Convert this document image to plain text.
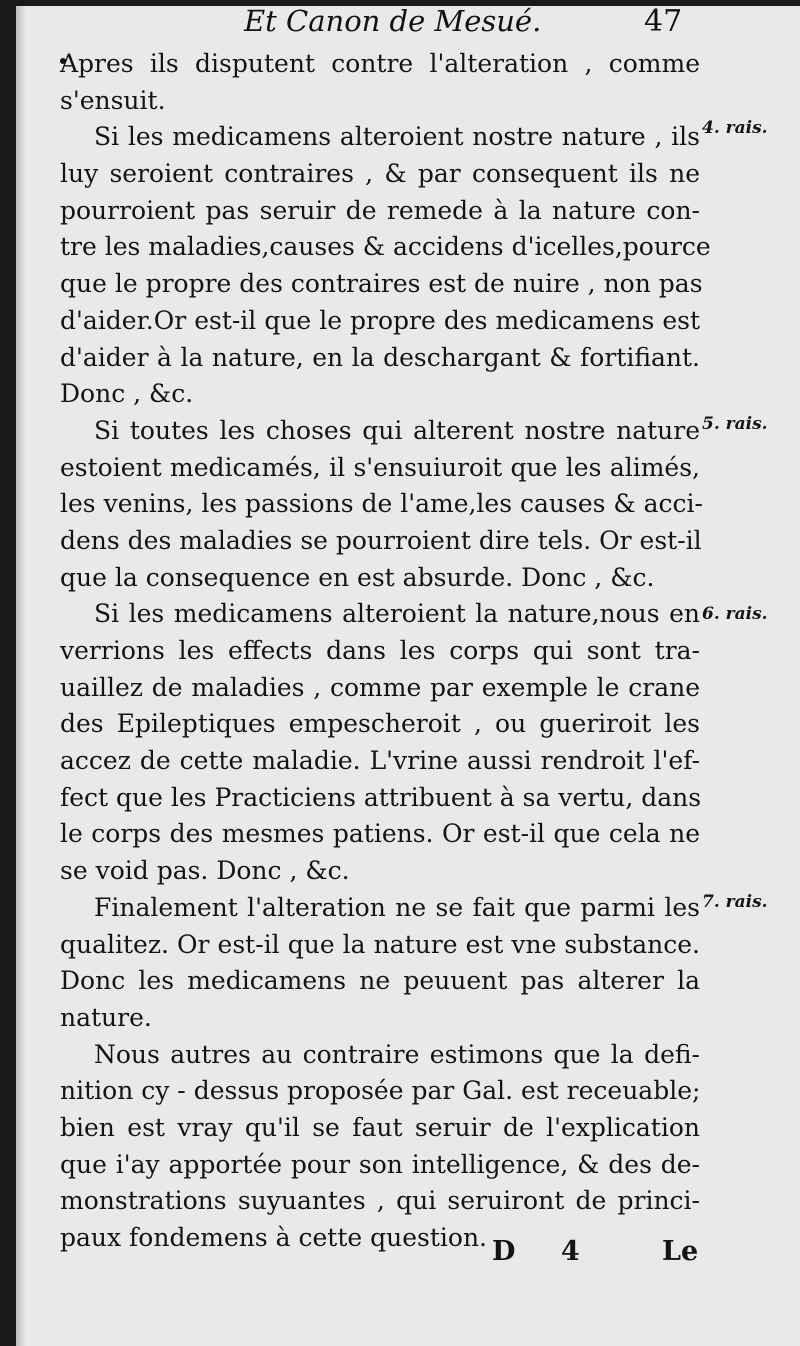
Et Canon de Mesué.	47
Apres ils disputent contre l'alteration , comme
s'ensuit.
Si les medicamens alteroient nostre nature , ils
luy seroient contraires , & par consequent ils ne
pourroient pas seruir de remede à la nature con-
tre les maladies,causes & accidens d'icelles,pource
que le propre des contraires est de nuire , non pas
d'aider.Or est-il que le propre des medicamens est
d'aider à la nature, en la deschargant & fortifiant.
Donc , &c.
Si toutes les choses qui alterent nostre nature
estoient medicamés, il s'ensuiuroit que les alimés,
les venins, les passions de l'ame,les causes & acci-
dens des maladies se pourroient dire tels. Or est-il
que la consequence en est absurde. Donc , &c.
Si les medicamens alteroient la nature,nous en
verrions les effects dans les corps qui sont tra-
uaillez de maladies , comme par exemple le crane
des Epileptiques empescheroit , ou gueriroit les
accez de cette maladie. L'vrine aussi rendroit l'ef-
fect que les Practiciens attribuent à sa vertu, dans
le corps des mesmes patiens. Or est-il que cela ne
se void pas. Donc , &c.
Finalement l'alteration ne se fait que parmi les
qualitez. Or est-il que la nature est vne substance.
Donc les medicamens ne peuuent pas alterer la
nature.
Nous autres au contraire estimons que la defi-
nition cy - dessus proposée par Gal. est receuable;
bien est vray qu'il se faut seruir de l'explication
que i'ay apportée pour son intelligence, & des de-
monstrations suyuantes , qui seruiront de princi-
paux fondemens à cette question.
4. rais.
5. rais.
6. rais.
7. rais.
D 4 Le
